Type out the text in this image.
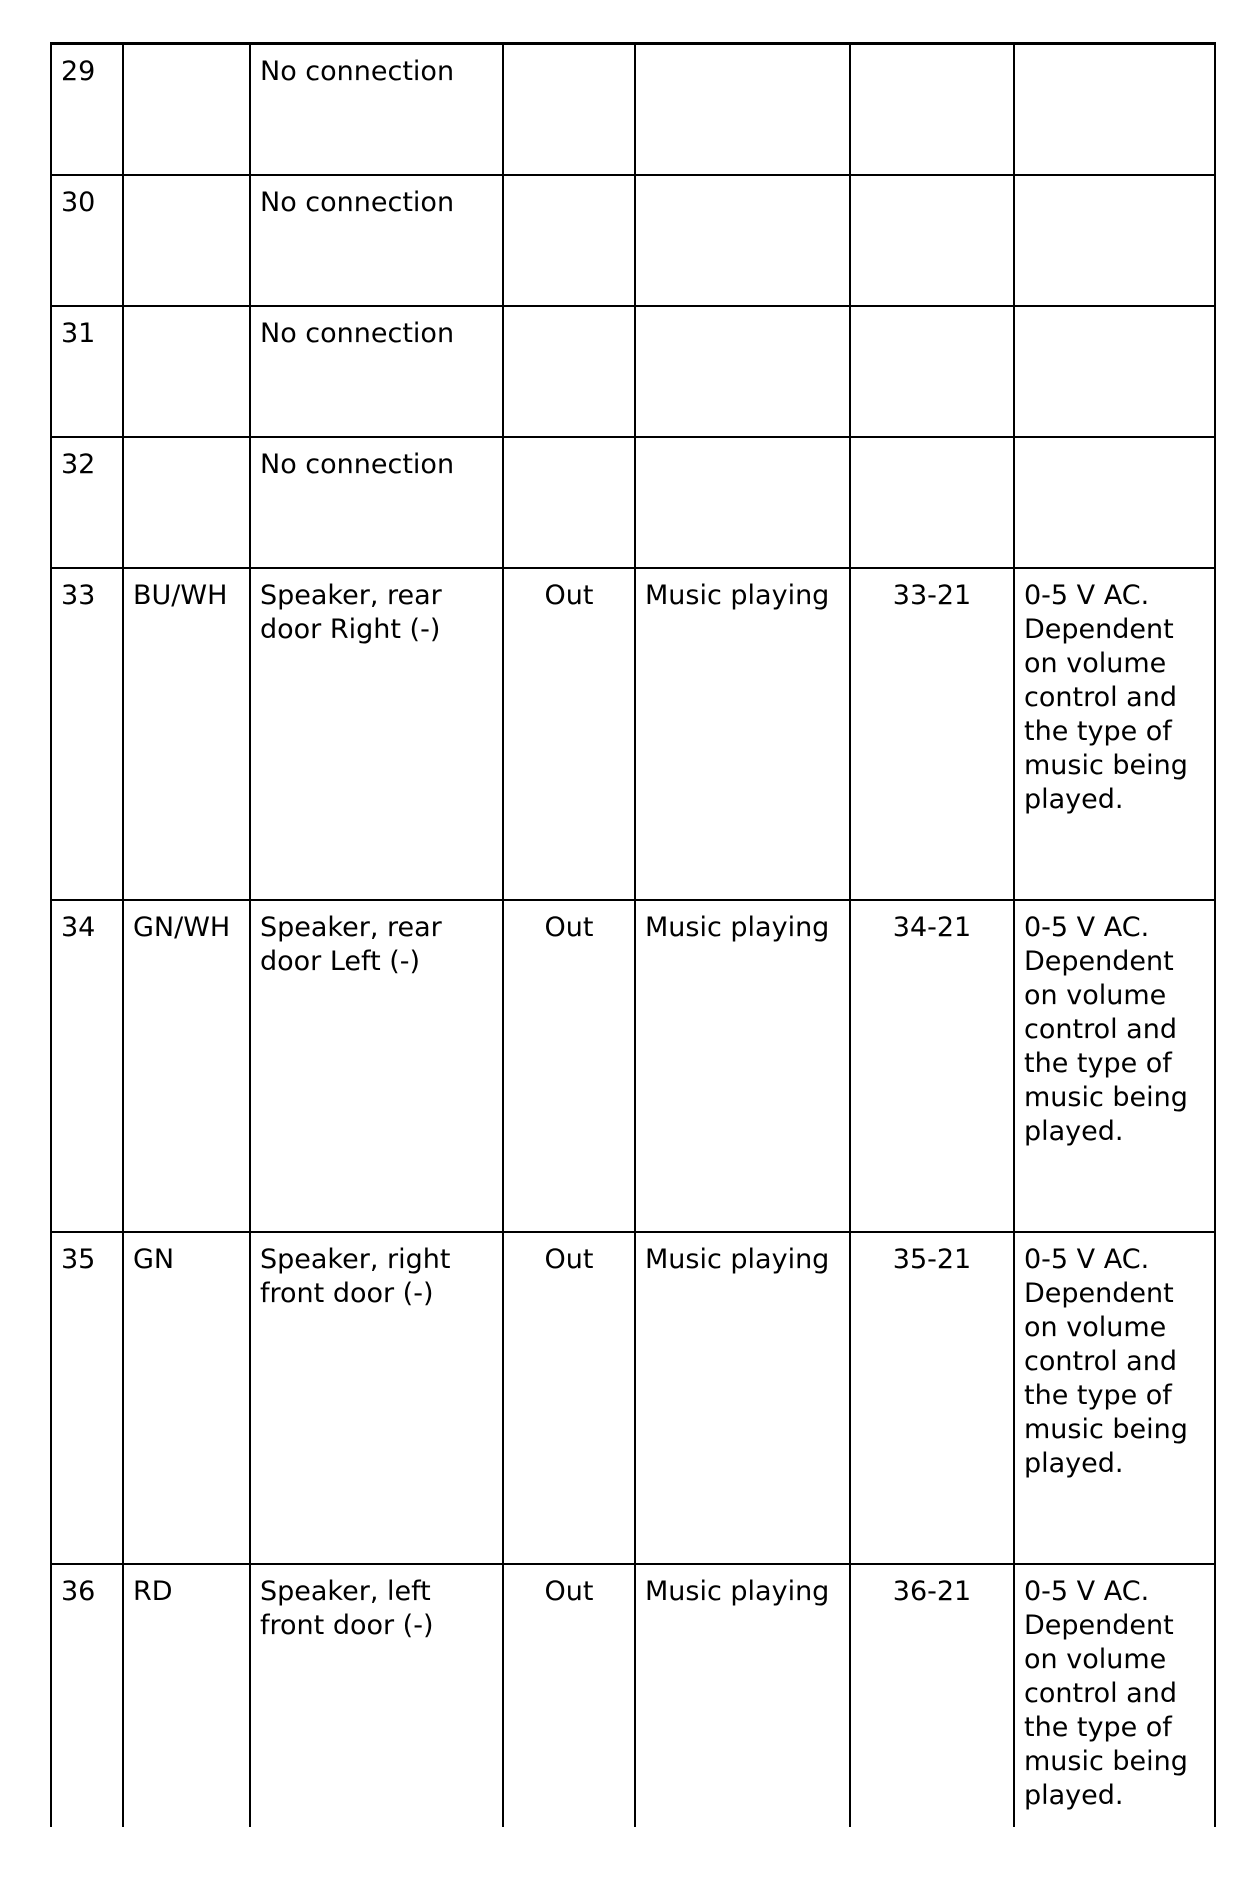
29		No connection				
30		No connection				
31		No connection				
32		No connection				
33	BU/WH	Speaker, rear door Right (-)	Out	Music playing	33-21	0-5 V AC. Dependent on volume control and the type of music being played.
34	GN/WH	Speaker, rear door Left (-)	Out	Music playing	34-21	0-5 V AC. Dependent on volume control and the type of music being played.
35	GN	Speaker, right front door (-)	Out	Music playing	35-21	0-5 V AC. Dependent on volume control and the type of music being played.
36	RD	Speaker, left front door (-)	Out	Music playing	36-21	0-5 V AC. Dependent on volume control and the type of music being played.
